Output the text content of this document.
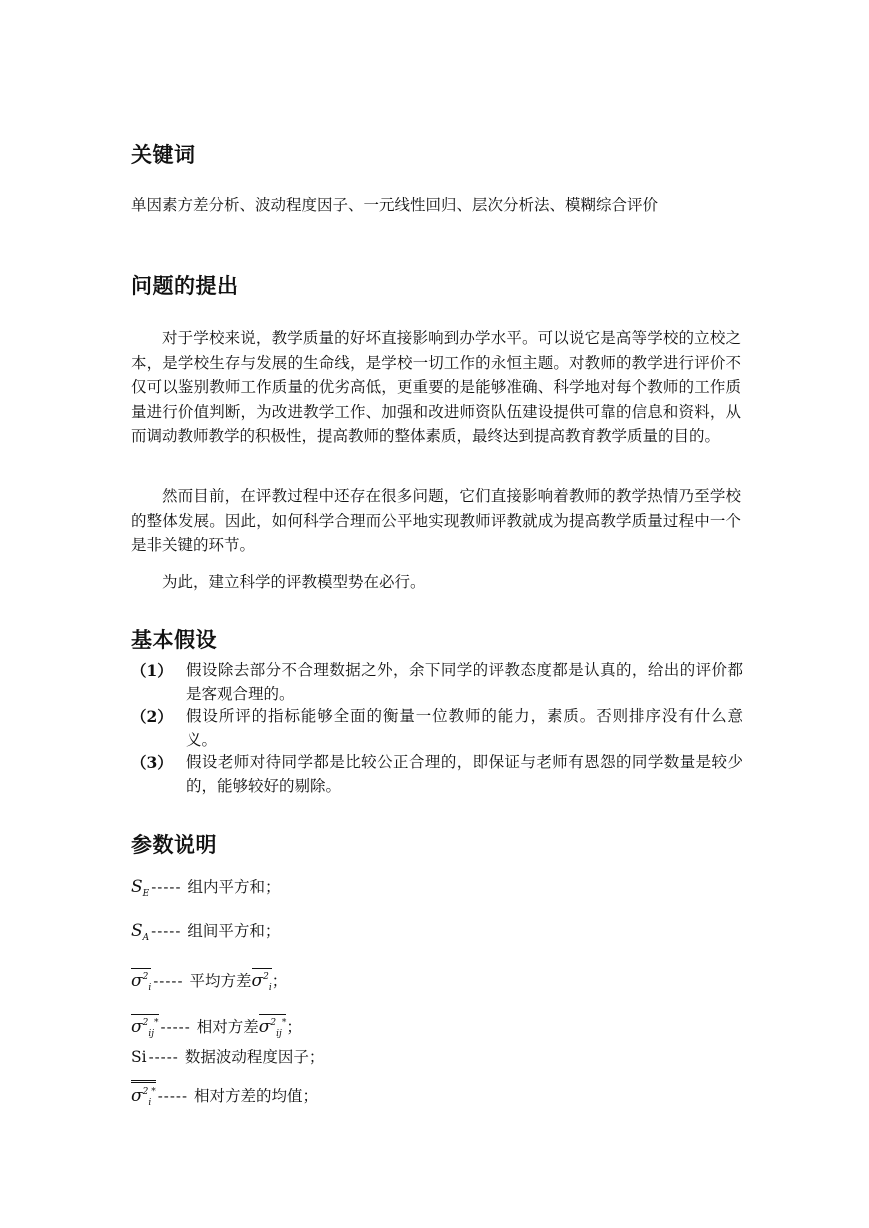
关键词

单因素方差分析、波动程度因子、一元线性回归、层次分析法、模糊综合评价

问题的提出

对于学校来说，教学质量的好坏直接影响到办学水平。可以说它是高等学校的立校之本，是学校生存与发展的生命线，是学校一切工作的永恒主题。对教师的教学进行评价不仅可以鉴别教师工作质量的优劣高低，更重要的是能够准确、科学地对每个教师的工作质量进行价值判断，为改进教学工作、加强和改进师资队伍建设提供可靠的信息和资料，从而调动教师教学的积极性，提高教师的整体素质，最终达到提高教育教学质量的目的。

然而目前，在评教过程中还存在很多问题，它们直接影响着教师的教学热情乃至学校的整体发展。因此，如何科学合理而公平地实现教师评教就成为提高教学质量过程中一个是非关键的环节。

为此，建立科学的评教模型势在必行。

基本假设
（1） 假设除去部分不合理数据之外，余下同学的评教态度都是认真的，给出的评价都是客观合理的。
（2） 假设所评的指标能够全面的衡量一位教师的能力，素质。否则排序没有什么意义。
（3） 假设老师对待同学都是比较公正合理的，即保证与老师有恩怨的同学数量是较少的，能够较好的剔除。
参数说明
$S_E$ ----- 组内平方和；
$S_A$ ----- 组间平方和；
$\sigma^2_i$ ----- 平均方差$\sigma^2_i$；
$\sigma^2_{ij}^*$ ----- 相对方差$\sigma^2_{ij}^*$；
Si ----- 数据波动程度因子；
$\sigma^2_i^*$ ----- 相对方差的均值；
